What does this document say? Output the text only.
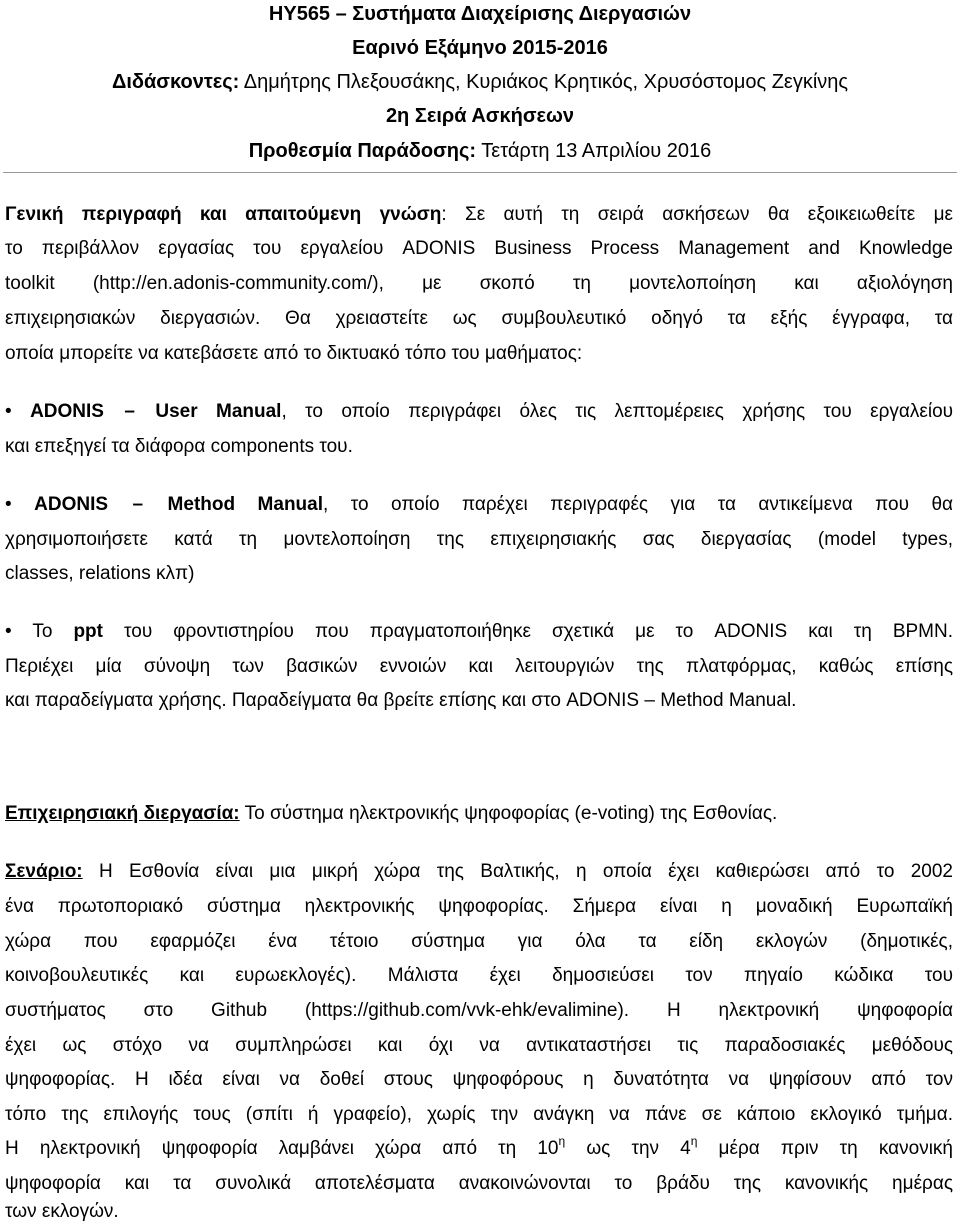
ΗΥ565 – Συστήματα Διαχείρισης Διεργασιών
Εαρινό Εξάμηνο 2015-2016
Διδάσκοντες: Δημήτρης Πλεξουσάκης, Κυριάκος Κρητικός, Χρυσόστομος Ζεγκίνης
2η Σειρά Ασκήσεων
Προθεσμία Παράδοσης: Τετάρτη 13 Απριλίου 2016
Γενική περιγραφή και απαιτούμενη γνώση: Σε αυτή τη σειρά ασκήσεων θα εξοικειωθείτε με
το περιβάλλον εργασίας του εργαλείου ADONIS Business Process Management and Knowledge
toolkit (http://en.adonis-community.com/), με σκοπό τη μοντελοποίηση και αξιολόγηση
επιχειρησιακών διεργασιών. Θα χρειαστείτε ως συμβουλευτικό οδηγό τα εξής έγγραφα, τα
οποία μπορείτε να κατεβάσετε από το δικτυακό τόπο του μαθήματος:
• ADONIS – User Manual, το οποίο περιγράφει όλες τις λεπτομέρειες χρήσης του εργαλείου
και επεξηγεί τα διάφορα components του.
• ADONIS – Method Manual, το οποίο παρέχει περιγραφές για τα αντικείμενα που θα
χρησιμοποιήσετε κατά τη μοντελοποίηση της επιχειρησιακής σας διεργασίας (model types,
classes, relations κλπ)
• Το ppt του φροντιστηρίου που πραγματοποιήθηκε σχετικά με το ADONIS και τη BPMN.
Περιέχει μία σύνοψη των βασικών εννοιών και λειτουργιών της πλατφόρμας, καθώς επίσης
και παραδείγματα χρήσης. Παραδείγματα θα βρείτε επίσης και στο ADONIS – Method Manual.
Επιχειρησιακή διεργασία: Το σύστημα ηλεκτρονικής ψηφοφορίας (e-voting) της Εσθονίας.
Σενάριο: Η Εσθονία είναι μια μικρή χώρα της Βαλτικής, η οποία έχει καθιερώσει από το 2002
ένα πρωτοποριακό σύστημα ηλεκτρονικής ψηφοφορίας. Σήμερα είναι η μοναδική Ευρωπαϊκή
χώρα που εφαρμόζει ένα τέτοιο σύστημα για όλα τα είδη εκλογών (δημοτικές,
κοινοβουλευτικές και ευρωεκλογές). Μάλιστα έχει δημοσιεύσει τον πηγαίο κώδικα του
συστήματος στο Github (https://github.com/vvk-ehk/evalimine). Η ηλεκτρονική ψηφοφορία
έχει ως στόχο να συμπληρώσει και όχι να αντικαταστήσει τις παραδοσιακές μεθόδους
ψηφοφορίας. Η ιδέα είναι να δοθεί στους ψηφοφόρους η δυνατότητα να ψηφίσουν από τον
τόπο της επιλογής τους (σπίτι ή γραφείο), χωρίς την ανάγκη να πάνε σε κάποιο εκλογικό τμήμα.
Η ηλεκτρονική ψηφοφορία λαμβάνει χώρα από τη $10^\eta$ ως την $4^\eta$ μέρα πριν τη κανονική
ψηφοφορία και τα συνολικά αποτελέσματα ανακοινώνονται το βράδυ της κανονικής ημέρας
των εκλογών.
